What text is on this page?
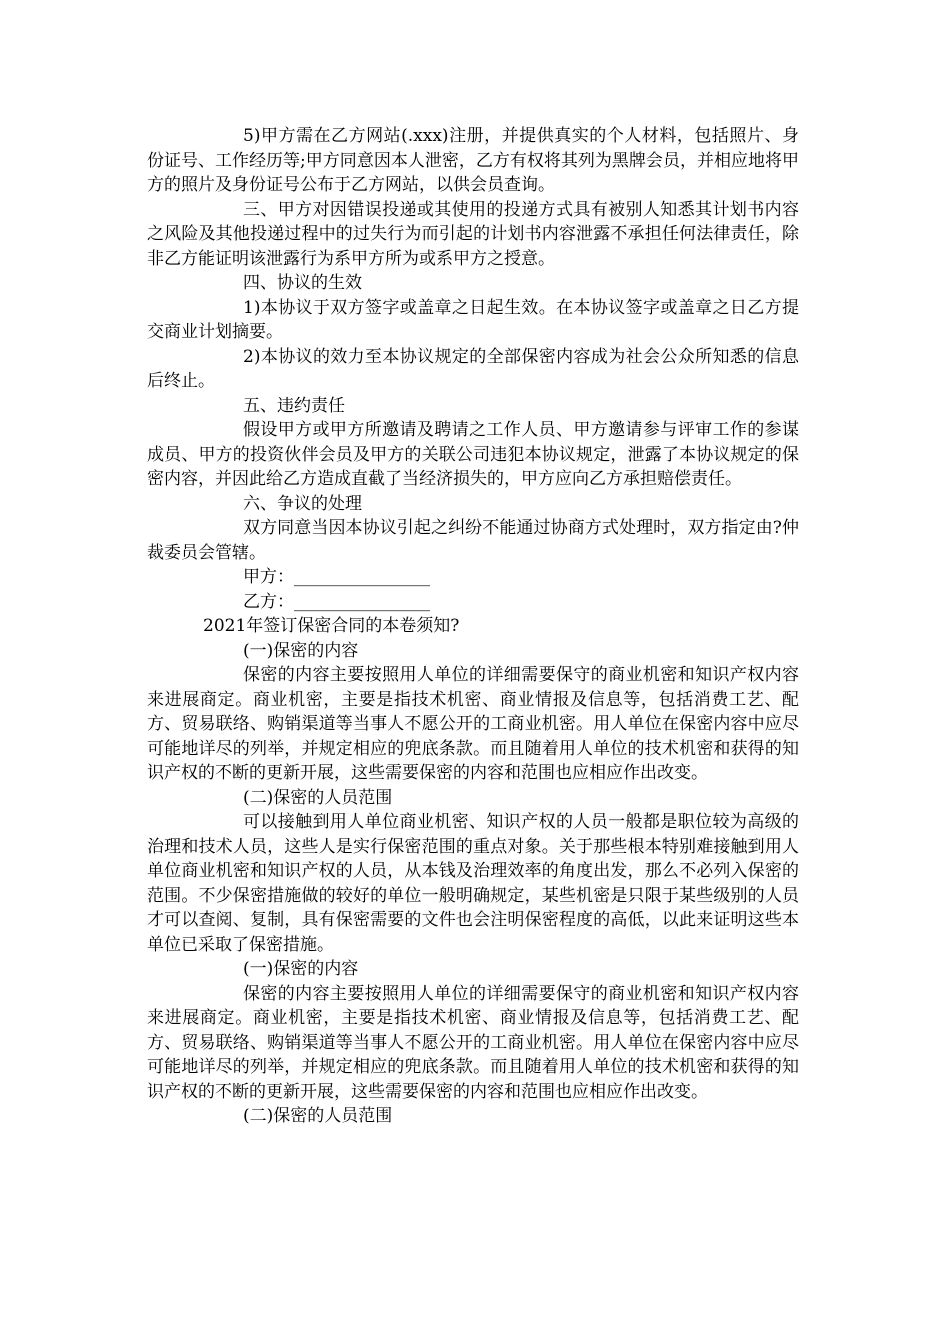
5)甲方需在乙方网站(.xxx)注册，并提供真实的个人材料，包括照片、身份证号、工作经历等;甲方同意因本人泄密，乙方有权将其列为黑牌会员，并相应地将甲方的照片及身份证号公布于乙方网站，以供会员查询。

三、甲方对因错误投递或其使用的投递方式具有被别人知悉其计划书内容之风险及其他投递过程中的过失行为而引起的计划书内容泄露不承担任何法律责任，除非乙方能证明该泄露行为系甲方所为或系甲方之授意。

四、协议的生效

1)本协议于双方签字或盖章之日起生效。在本协议签字或盖章之日乙方提交商业计划摘要。

2)本协议的效力至本协议规定的全部保密内容成为社会公众所知悉的信息后终止。

五、违约责任

假设甲方或甲方所邀请及聘请之工作人员、甲方邀请参与评审工作的参谋成员、甲方的投资伙伴会员及甲方的关联公司违犯本协议规定，泄露了本协议规定的保密内容，并因此给乙方造成直截了当经济损失的，甲方应向乙方承担赔偿责任。

六、争议的处理

双方同意当因本协议引起之纠纷不能通过协商方式处理时，双方指定由?仲裁委员会管辖。

甲方：________________

乙方：________________

2021年签订保密合同的本卷须知?

(一)保密的内容

保密的内容主要按照用人单位的详细需要保守的商业机密和知识产权内容来进展商定。商业机密，主要是指技术机密、商业情报及信息等，包括消费工艺、配方、贸易联络、购销渠道等当事人不愿公开的工商业机密。用人单位在保密内容中应尽可能地详尽的列举，并规定相应的兜底条款。而且随着用人单位的技术机密和获得的知识产权的不断的更新开展，这些需要保密的内容和范围也应相应作出改变。

(二)保密的人员范围

可以接触到用人单位商业机密、知识产权的人员一般都是职位较为高级的治理和技术人员，这些人是实行保密范围的重点对象。关于那些根本特别难接触到用人单位商业机密和知识产权的人员，从本钱及治理效率的角度出发，那么不必列入保密的范围。不少保密措施做的较好的单位一般明确规定，某些机密是只限于某些级别的人员才可以查阅、复制，具有保密需要的文件也会注明保密程度的高低，以此来证明这些本单位已采取了保密措施。

(一)保密的内容

保密的内容主要按照用人单位的详细需要保守的商业机密和知识产权内容来进展商定。商业机密，主要是指技术机密、商业情报及信息等，包括消费工艺、配方、贸易联络、购销渠道等当事人不愿公开的工商业机密。用人单位在保密内容中应尽可能地详尽的列举，并规定相应的兜底条款。而且随着用人单位的技术机密和获得的知识产权的不断的更新开展，这些需要保密的内容和范围也应相应作出改变。

(二)保密的人员范围
